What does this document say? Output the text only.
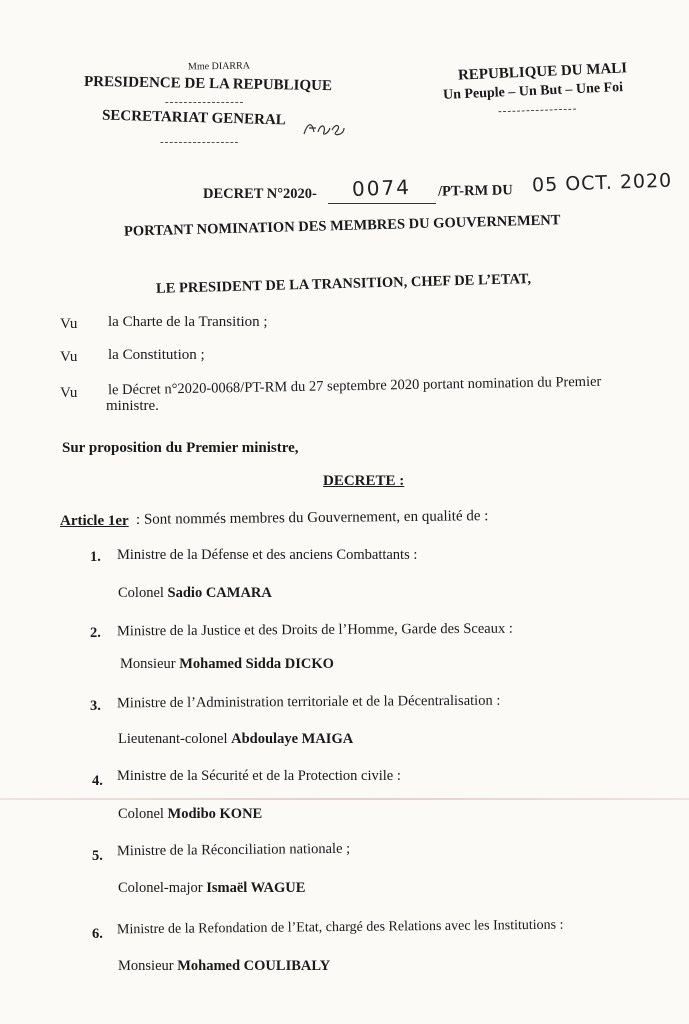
Mme DIARRA
PRESIDENCE DE LA REPUBLIQUE
-----------------
SECRETARIAT GENERAL
-----------------
REPUBLIQUE DU MALI
Un Peuple – Un But – Une Foi
-----------------
DECRET N°2020- 0074 /PT-RM DU 05 OCT. 2020
PORTANT NOMINATION DES MEMBRES DU GOUVERNEMENT
LE PRESIDENT DE LA TRANSITION, CHEF DE L’ETAT,
Vu la Charte de la Transition ;
Vu la Constitution ;
Vu le Décret n°2020-0068/PT-RM du 27 septembre 2020 portant nomination du Premier
ministre.
Sur proposition du Premier ministre,
DECRETE :
Article 1er : Sont nommés membres du Gouvernement, en qualité de :
1. Ministre de la Défense et des anciens Combattants :
Colonel Sadio CAMARA
2. Ministre de la Justice et des Droits de l’Homme, Garde des Sceaux :
Monsieur Mohamed Sidda DICKO
3. Ministre de l’Administration territoriale et de la Décentralisation :
Lieutenant-colonel Abdoulaye MAIGA
4. Ministre de la Sécurité et de la Protection civile :
Colonel Modibo KONE
5. Ministre de la Réconciliation nationale ;
Colonel-major Ismaël WAGUE
6. Ministre de la Refondation de l’Etat, chargé des Relations avec les Institutions :
Monsieur Mohamed COULIBALY
